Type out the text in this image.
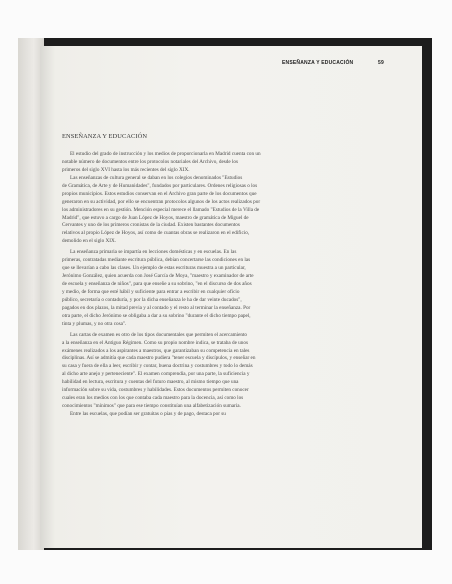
ENSEÑANZA Y EDUCACIÓN	59
ENSEÑANZA Y EDUCACIÓN
El estudio del grado de instrucción y los medios de proporcionarla en Madrid cuenta con un
notable número de documentos entre los protocolos notariales del Archivo, desde los
primeros del siglo XVI hasta los más recientes del siglo XIX.
Las enseñanzas de cultura general se daban en los colegios denominados "Estudios
de Gramática, de Arte y de Humanidades", fundados por particulares. Ordenes religiosas o los
propios municipios. Estos estudios conservan en el Archivo gran parte de los documentos que
generaron en su actividad, por ello se encuentran protocolos algunos de los actos realizados por
los administradores en su gestión. Mención especial merece el llamado "Estudios de la Villa de
Madrid", que estuvo a cargo de Juan López de Hoyos, maestro de gramática de Miguel de
Cervantes y uno de los primeros cronistas de la ciudad. Existen bastantes documentos
relativos al propio López de Hoyos, así como de cuantas obras se realizaron en el edificio,
demolido en el siglo XIX.
La enseñanza primaria se impartía en lecciones domésticas y en escuelas. En las
primeras, contratadas mediante escritura pública, debían concertarse las condiciones en las
que se llevarían a cabo las clases. Un ejemplo de estas escrituras muestra a un particular,
Jerónimo González, quien acuerda con José García de Moya, "maestro y examinador de arte
de escuela y enseñanza de niños", para que enseñe a su sobrino, "en el discurso de dos años
y medio, de forma que esté hábil y suficiente para entrar a escribir en cualquier oficio
público, secretaría o contaduría, y por la dicha enseñanza le ha de dar veinte ducados",
pagados en dos plazos, la mitad previa y al contado y el resto al terminar la enseñanza. Por
otra parte, el dicho Jerónimo se obligaba a dar a su sobrino "durante el dicho tiempo papel,
tinta y plumas, y no otra cosa".
Las cartas de examen es otro de los tipos documentales que permiten el acercamiento
a la enseñanza en el Antiguo Régimen. Como su propio nombre indica, se trataba de unos
exámenes realizados a los aspirantes a maestros, que garantizaban su competencia en tales
disciplinas. Así se admitía que cada maestro pudiera "tener escuela y discípulos, y enseñar en
su casa y fuera de ella a leer, escribir y contar, buena doctrina y costumbres y todo lo demás
al dicho arte anejo y perteneciente". El examen comprendía, por una parte, la suficiencia y
habilidad en lectura, escritura y cuentas del futuro maestro, al mismo tiempo que una
información sobre su vida, costumbres y habilidades. Estos documentos permiten conocer
cuales eran los medios con los que contaba cada maestro para la docencia, así como los
conocimientos "mínimos" que para ese tiempo constituían una alfabetización sumaria.
Entre las escuelas, que podían ser gratuitas o pías y de pago, destaca por su
